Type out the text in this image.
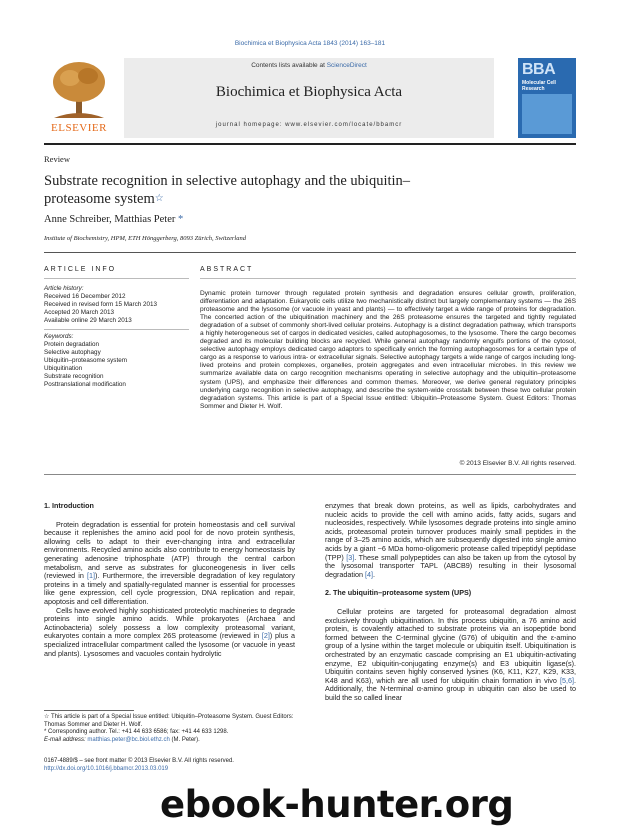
Biochimica et Biophysica Acta 1843 (2014) 163–181
ELSEVIER
Contents lists available at ScienceDirect
Biochimica et Biophysica Acta
journal homepage: www.elsevier.com/locate/bbamcr
BBA
Molecular Cell Research
Review
Substrate recognition in selective autophagy and the ubiquitin–proteasome system☆
Anne Schreiber, Matthias Peter *
Institute of Biochemistry, HPM, ETH Hönggerberg, 8093 Zürich, Switzerland
ARTICLE INFO	ABSTRACT
Article history:
Received 16 December 2012
Received in revised form 15 March 2013
Accepted 20 March 2013
Available online 29 March 2013
Keywords:
Protein degradation
Selective autophagy
Ubiquitin–proteasome system
Ubiquitination
Substrate recognition
Posttranslational modification
Dynamic protein turnover through regulated protein synthesis and degradation ensures cellular growth, proliferation, differentiation and adaptation. Eukaryotic cells utilize two mechanistically distinct but largely complementary systems — the 26S proteasome and the lysosome (or vacuole in yeast and plants) — to effectively target a wide range of proteins for degradation. The concerted action of the ubiquitination machinery and the 26S proteasome ensures the targeted and tightly regulated degradation of a subset of commonly short-lived cellular proteins. Autophagy is a distinct degradation pathway, which transports a highly heterogeneous set of cargos in dedicated vesicles, called autophagosomes, to the lysosome. There the cargo becomes degraded and its molecular building blocks are recycled. While general autophagy randomly engulfs portions of the cytosol, selective autophagy employs dedicated cargo adaptors to specifically enrich the forming autophagosomes for a certain type of cargo as a response to various intra- or extracellular signals. Selective autophagy targets a wide range of cargos including long-lived proteins and protein complexes, organelles, protein aggregates and even intracellular microbes. In this review we summarize available data on cargo recognition mechanisms operating in selective autophagy and the ubiquitin–proteasome system (UPS), and emphasize their differences and common themes. Moreover, we derive general regulatory principles underlying cargo recognition in selective autophagy, and describe the system-wide crosstalk between these two cellular protein degradation systems. This article is part of a Special Issue entitled: Ubiquitin–Proteasome System. Guest Editors: Thomas Sommer and Dieter H. Wolf.
© 2013 Elsevier B.V. All rights reserved.

1. Introduction

Protein degradation is essential for protein homeostasis and cell survival because it replenishes the amino acid pool for de novo protein synthesis, allowing cells to adapt to their ever-changing intra and extracellular environments. Recycled amino acids also contribute to energy homeostasis by generating adenosine triphosphate (ATP) through the central carbon metabolism, and serve as substrates for gluconeogenesis in liver cells (reviewed in [1]). Furthermore, the irreversible degradation of key regulatory proteins in a timely and spatially-regulated manner is essential for processes like gene expression, cell cycle progression, DNA replication and repair, apoptosis and cell differentiation.

Cells have evolved highly sophisticated proteolytic machineries to degrade proteins into single amino acids. While prokaryotes (Archaea and Actinobacteria) solely possess a low complexity proteasomal variant, eukaryotes contain a more complex 26S proteasome (reviewed in [2]) plus a specialized intracellular compartment called the lysosome (or vacuole in yeast and plants). Lysosomes and vacuoles contain hydrolytic

enzymes that break down proteins, as well as lipids, carbohydrates and nucleic acids to provide the cell with amino acids, fatty acids, sugars and nucleosides, respectively. While lysosomes degrade proteins into single amino acids, proteasomal protein turnover produces mainly small peptides in the range of 3–25 amino acids, which are subsequently digested into single amino acids by a giant ~6 MDa homo-oligomeric protease called tripeptidyl peptidase (TPP) [3]. These small polypeptides can also be taken up from the cytosol by the lysosomal transporter TAPL (ABCB9) resulting in their lysosomal degradation [4].

2. The ubiquitin–proteasome system (UPS)

Cellular proteins are targeted for proteasomal degradation almost exclusively through ubiquitination. In this process ubiquitin, a 76 amino acid protein, is covalently attached to substrate proteins via an isopeptide bond formed between the C-terminal glycine (G76) of ubiquitin and the ε-amino group of a lysine within the target molecule or ubiquitin itself. Ubiquitination is orchestrated by an enzymatic cascade comprising an E1 ubiquitin-activating enzyme, E2 ubiquitin-conjugating enzyme(s) and E3 ubiquitin ligase(s). Ubiquitin contains seven highly conserved lysines (K6, K11, K27, K29, K33, K48 and K63), which are all used for ubiquitin chain formation in vivo [5,6]. Additionally, the N-terminal α-amino group in ubiquitin can also be used to build the so called linear

☆ This article is part of a Special Issue entitled: Ubiquitin–Proteasome System. Guest Editors: Thomas Sommer and Dieter H. Wolf.
* Corresponding author. Tel.: +41 44 633 6586; fax: +41 44 633 1298.
E-mail address: matthias.peter@bc.biol.ethz.ch (M. Peter).
0167-4889/$ – see front matter © 2013 Elsevier B.V. All rights reserved.
http://dx.doi.org/10.1016/j.bbamcr.2013.03.019
ebook-hunter.org
